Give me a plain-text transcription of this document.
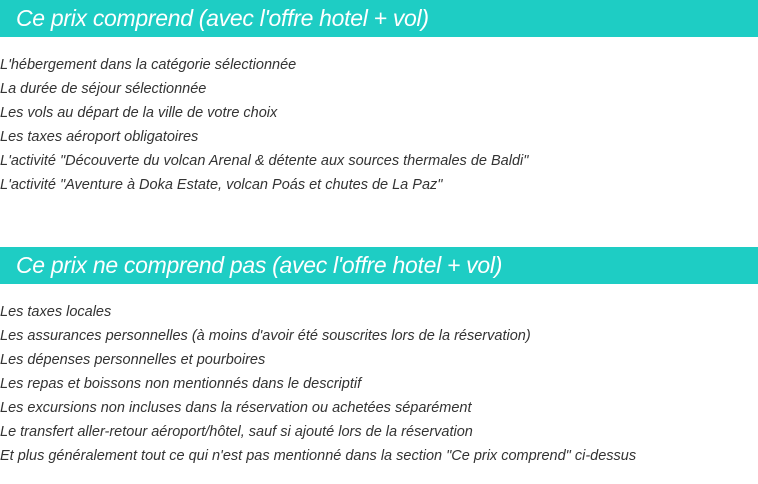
Ce prix comprend (avec l'offre hotel + vol)
L'hébergement dans la catégorie sélectionnée
La durée de séjour sélectionnée
Les vols au départ de la ville de votre choix
Les taxes aéroport obligatoires
L'activité "Découverte du volcan Arenal & détente aux sources thermales de Baldi"
L'activité "Aventure à Doka Estate, volcan Poás et chutes de La Paz"
Ce prix ne comprend pas (avec l'offre hotel + vol)
Les taxes locales
Les assurances personnelles (à moins d'avoir été souscrites lors de la réservation)
Les dépenses personnelles et pourboires
Les repas et boissons non mentionnés dans le descriptif
Les excursions non incluses dans la réservation ou achetées séparément
Le transfert aller-retour aéroport/hôtel, sauf si ajouté lors de la réservation
Et plus généralement tout ce qui n'est pas mentionné dans la section "Ce prix comprend" ci-dessus
